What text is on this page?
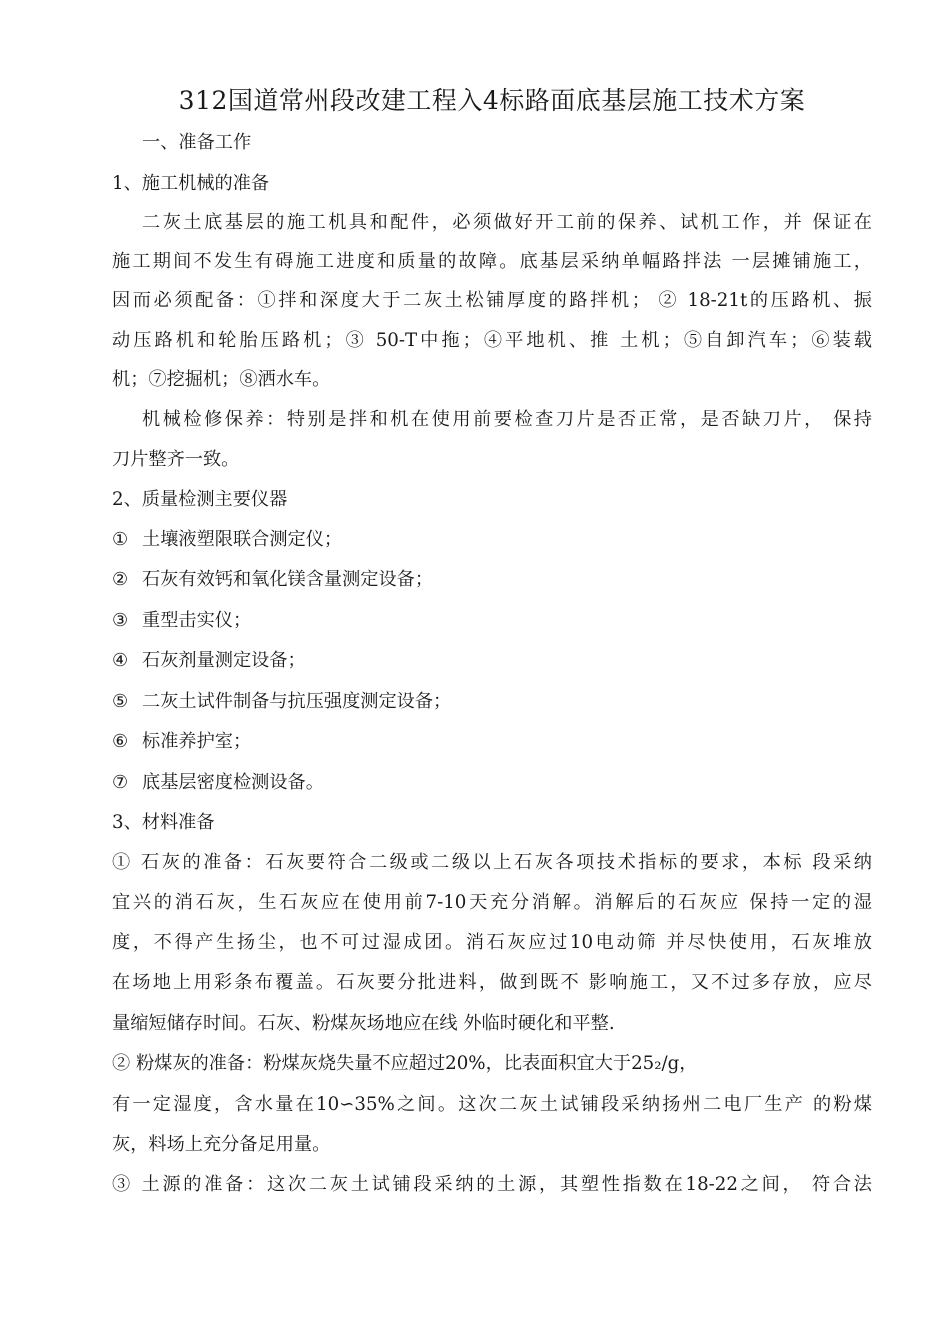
312国道常州段改建工程入4标路面底基层施工技术方案
一、准备工作
1、施工机械的准备
二灰土底基层的施工机具和配件，必须做好开工前的保养、试机工作，并 保证在
施工期间不发生有碍施工进度和质量的故障。底基层采纳单幅路拌法 一层摊铺施工，
因而必须配备：①拌和深度大于二灰土松铺厚度的路拌机； ② 18-21t的压路机、振
动压路机和轮胎压路机；③ 50-T中拖；④平地机、推 土机；⑤自卸汽车；⑥装载
机；⑦挖掘机；⑧洒水车。
机械检修保养：特别是拌和机在使用前要检查刀片是否正常，是否缺刀片， 保持
刀片整齐一致。
2、质量检测主要仪器
① 土壤液塑限联合测定仪；
② 石灰有效钙和氧化镁含量测定设备；
③ 重型击实仪；
④ 石灰剂量测定设备；
⑤ 二灰土试件制备与抗压强度测定设备；
⑥ 标准养护室；
⑦ 底基层密度检测设备。
3、材料准备
① 石灰的准备：石灰要符合二级或二级以上石灰各项技术指标的要求，本标 段采纳
宜兴的消石灰，生石灰应在使用前7-10天充分消解。消解后的石灰应 保持一定的湿
度，不得产生扬尘，也不可过湿成团。消石灰应过10电动筛 并尽快使用，石灰堆放
在场地上用彩条布覆盖。石灰要分批进料，做到既不 影响施工，又不过多存放，应尽
量缩短储存时间。石灰、粉煤灰场地应在线 外临时硬化和平整.
② 粉煤灰的准备：粉煤灰烧失量不应超过20%，比表面积宜大于25₂/g，
有一定湿度，含水量在10∽35%之间。这次二灰土试铺段采纳扬州二电厂生产 的粉煤
灰，料场上充分备足用量。
③ 土源的准备：这次二灰土试铺段采纳的土源，其塑性指数在18-22之间， 符合法
